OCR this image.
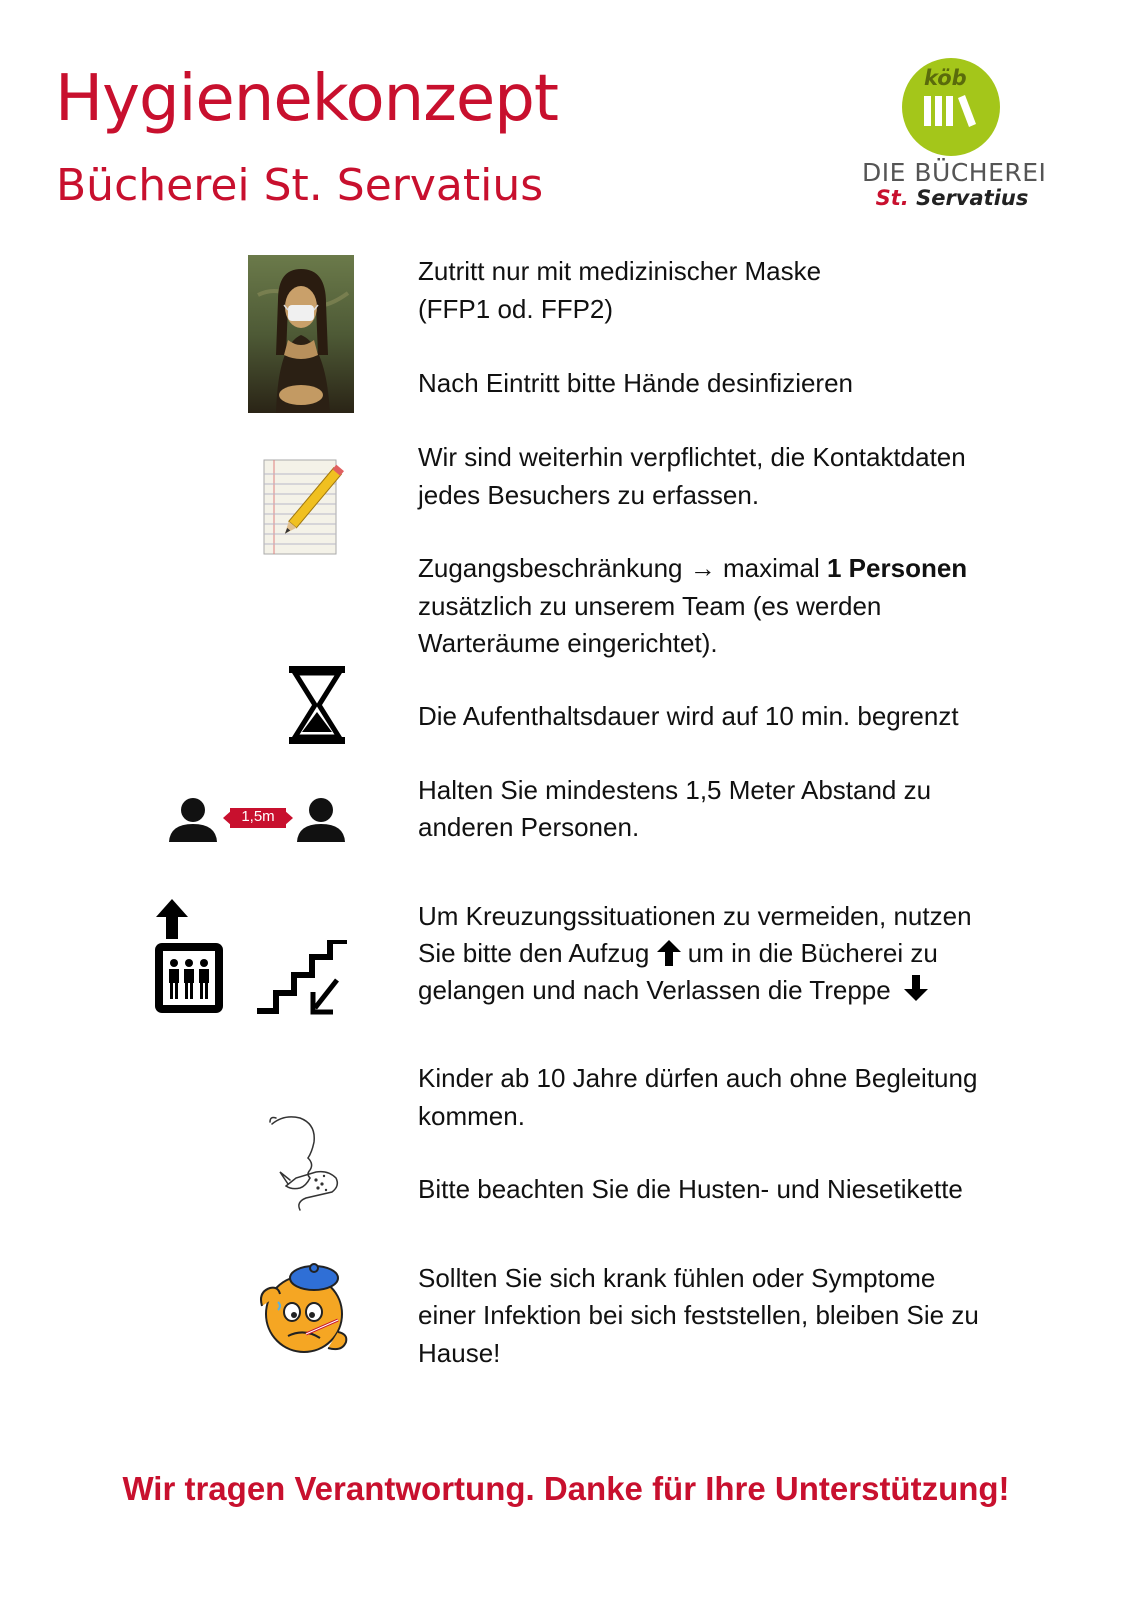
Hygienekonzept
Bücherei St. Servatius
köb
DIE BÜCHEREI
St. Servatius

Zutritt nur mit medizinischer Maske

(FFP1 od. FFP2)

Nach Eintritt bitte Hände desinfizieren

Wir sind weiterhin verpflichtet, die Kontaktdaten

jedes Besuchers zu erfassen.

Zugangsbeschränkung → maximal 1 Personen

zusätzlich zu unserem Team (es werden

Warteräume eingerichtet).

Die Aufenthaltsdauer wird auf 10 min. begrenzt

1,5m

Halten Sie mindestens 1,5 Meter Abstand zu

anderen Personen.

Um Kreuzungssituationen zu vermeiden, nutzen

Sie bitte den Aufzug um in die Bücherei zu

gelangen und nach Verlassen die Treppe

Kinder ab 10 Jahre dürfen auch ohne Begleitung

kommen.

Bitte beachten Sie die Husten- und Niesetikette

Sollten Sie sich krank fühlen oder Symptome

einer Infektion bei sich feststellen, bleiben Sie zu

Hause!

Wir tragen Verantwortung. Danke für Ihre Unterstützung!
